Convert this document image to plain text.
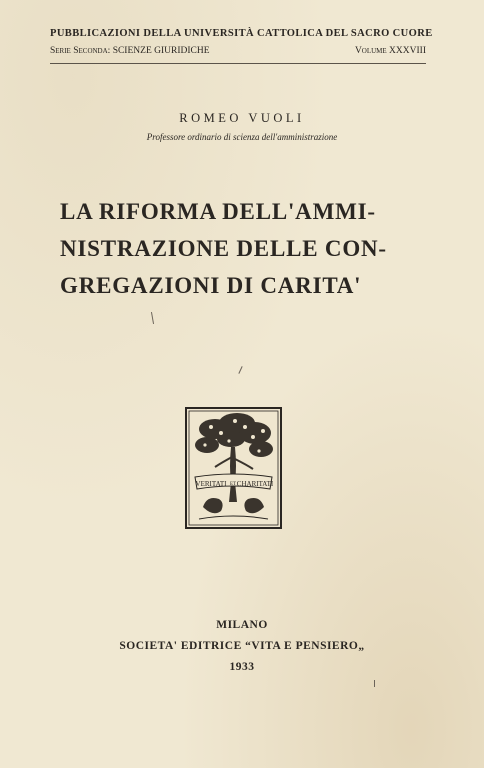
PUBBLICAZIONI DELLA UNIVERSITÀ CATTOLICA DEL SACRO CUORE
Serie Seconda: SCIENZE GIURIDICHE	Volume XXXVIII
ROMEO VUOLI
Professore ordinario di scienza dell'amministrazione
LA RIFORMA DELL'AMMI-
NISTRAZIONE DELLE CON-
GREGAZIONI DI CARITA'
VERITATI ET CHARITATI
MILANO
SOCIETA' EDITRICE “VITA E PENSIERO„
1933
